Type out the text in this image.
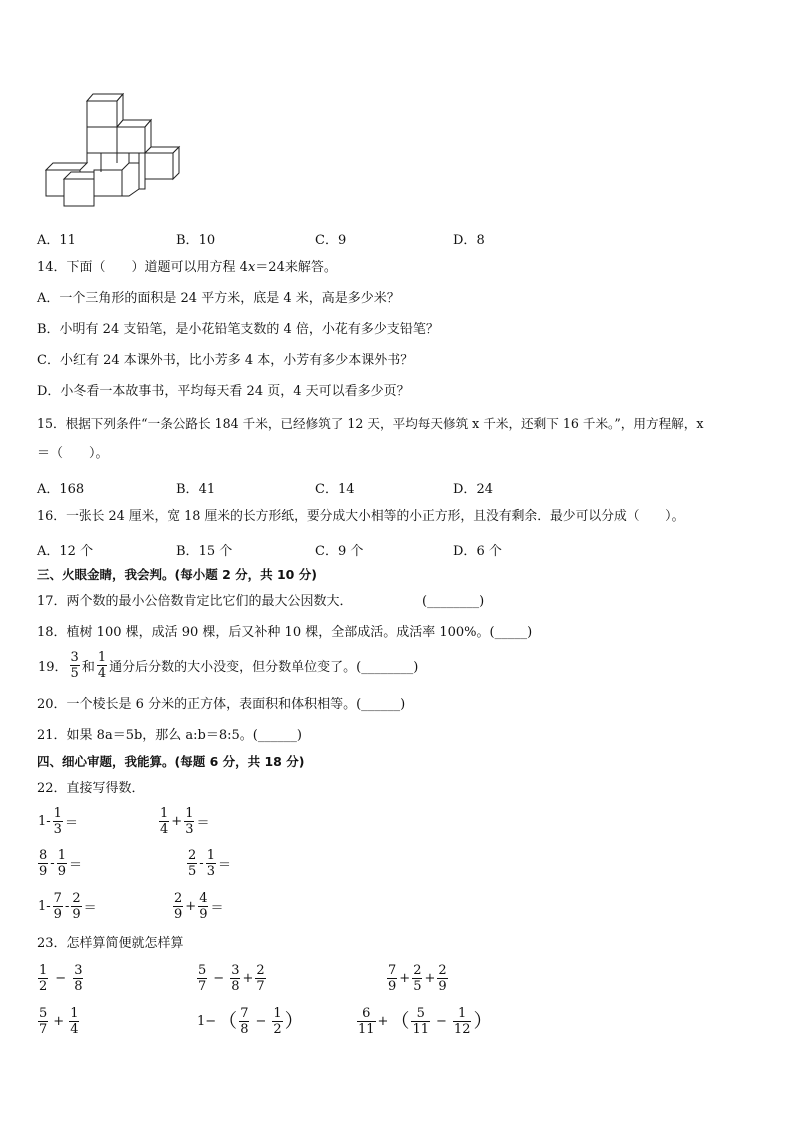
A．11	B．10	C．9	D．8
14．下面（　　）道题可以用方程 4x＝24来解答。
A．一个三角形的面积是 24 平方米，底是 4 米，高是多少米？
B．小明有 24 支铅笔，是小花铅笔支数的 4 倍，小花有多少支铅笔？
C．小红有 24 本课外书，比小芳多 4 本，小芳有多少本课外书？
D．小冬看一本故事书，平均每天看 24 页，4 天可以看多少页？
15．根据下列条件“一条公路长 184 千米，已经修筑了 12 天，平均每天修筑 x 千米，还剩下 16 千米。”，用方程解，x
＝（　　）。
A．168	B．41	C．14	D．24
16．一张长 24 厘米，宽 18 厘米的长方形纸，要分成大小相等的小正方形，且没有剩余．最少可以分成（　　）。
A．12 个	B．15 个	C．9 个	D．6 个
三、火眼金睛，我会判。(每小题 2 分，共 10 分)
17．两个数的最小公倍数肯定比它们的最大公因数大．	(________)
18．植树 100 棵，成活 90 棵，后又补种 10 棵，全部成活。成活率 100%。(_____)
19． $\frac{3}{5}$ 和 $\frac{1}{4}$ 通分后分数的大小没变，但分数单位变了。(________)
20．一个棱长是 6 分米的正方体，表面积和体积相等。(______)
21．如果 8a＝5b，那么 a:b＝8:5。(______)
四、细心审题，我能算。(每题 6 分，共 18 分)
22．直接写得数．
$1- \frac{1}{3}$ ＝	$\frac{1}{4} + \frac{1}{3}$ ＝
$\frac{8}{9} - \frac{1}{9}$ ＝	$\frac{2}{5} - \frac{1}{3}$ ＝
$1- \frac{7}{9} - \frac{2}{9}$ ＝	$\frac{2}{9} + \frac{4}{9}$ ＝
23．怎样算简便就怎样算
$\frac{1}{2} - \frac{3}{8}$	$\frac{5}{7} - \frac{3}{8} + \frac{2}{7}$	$\frac{7}{9} + \frac{2}{5} + \frac{2}{9}$
$\frac{5}{7} + \frac{1}{4}$	1− （ $\frac{7}{8} - \frac{1}{2}$ ）	$\frac{6}{11}$ + （ $\frac{5}{11} - \frac{1}{12}$ ）
